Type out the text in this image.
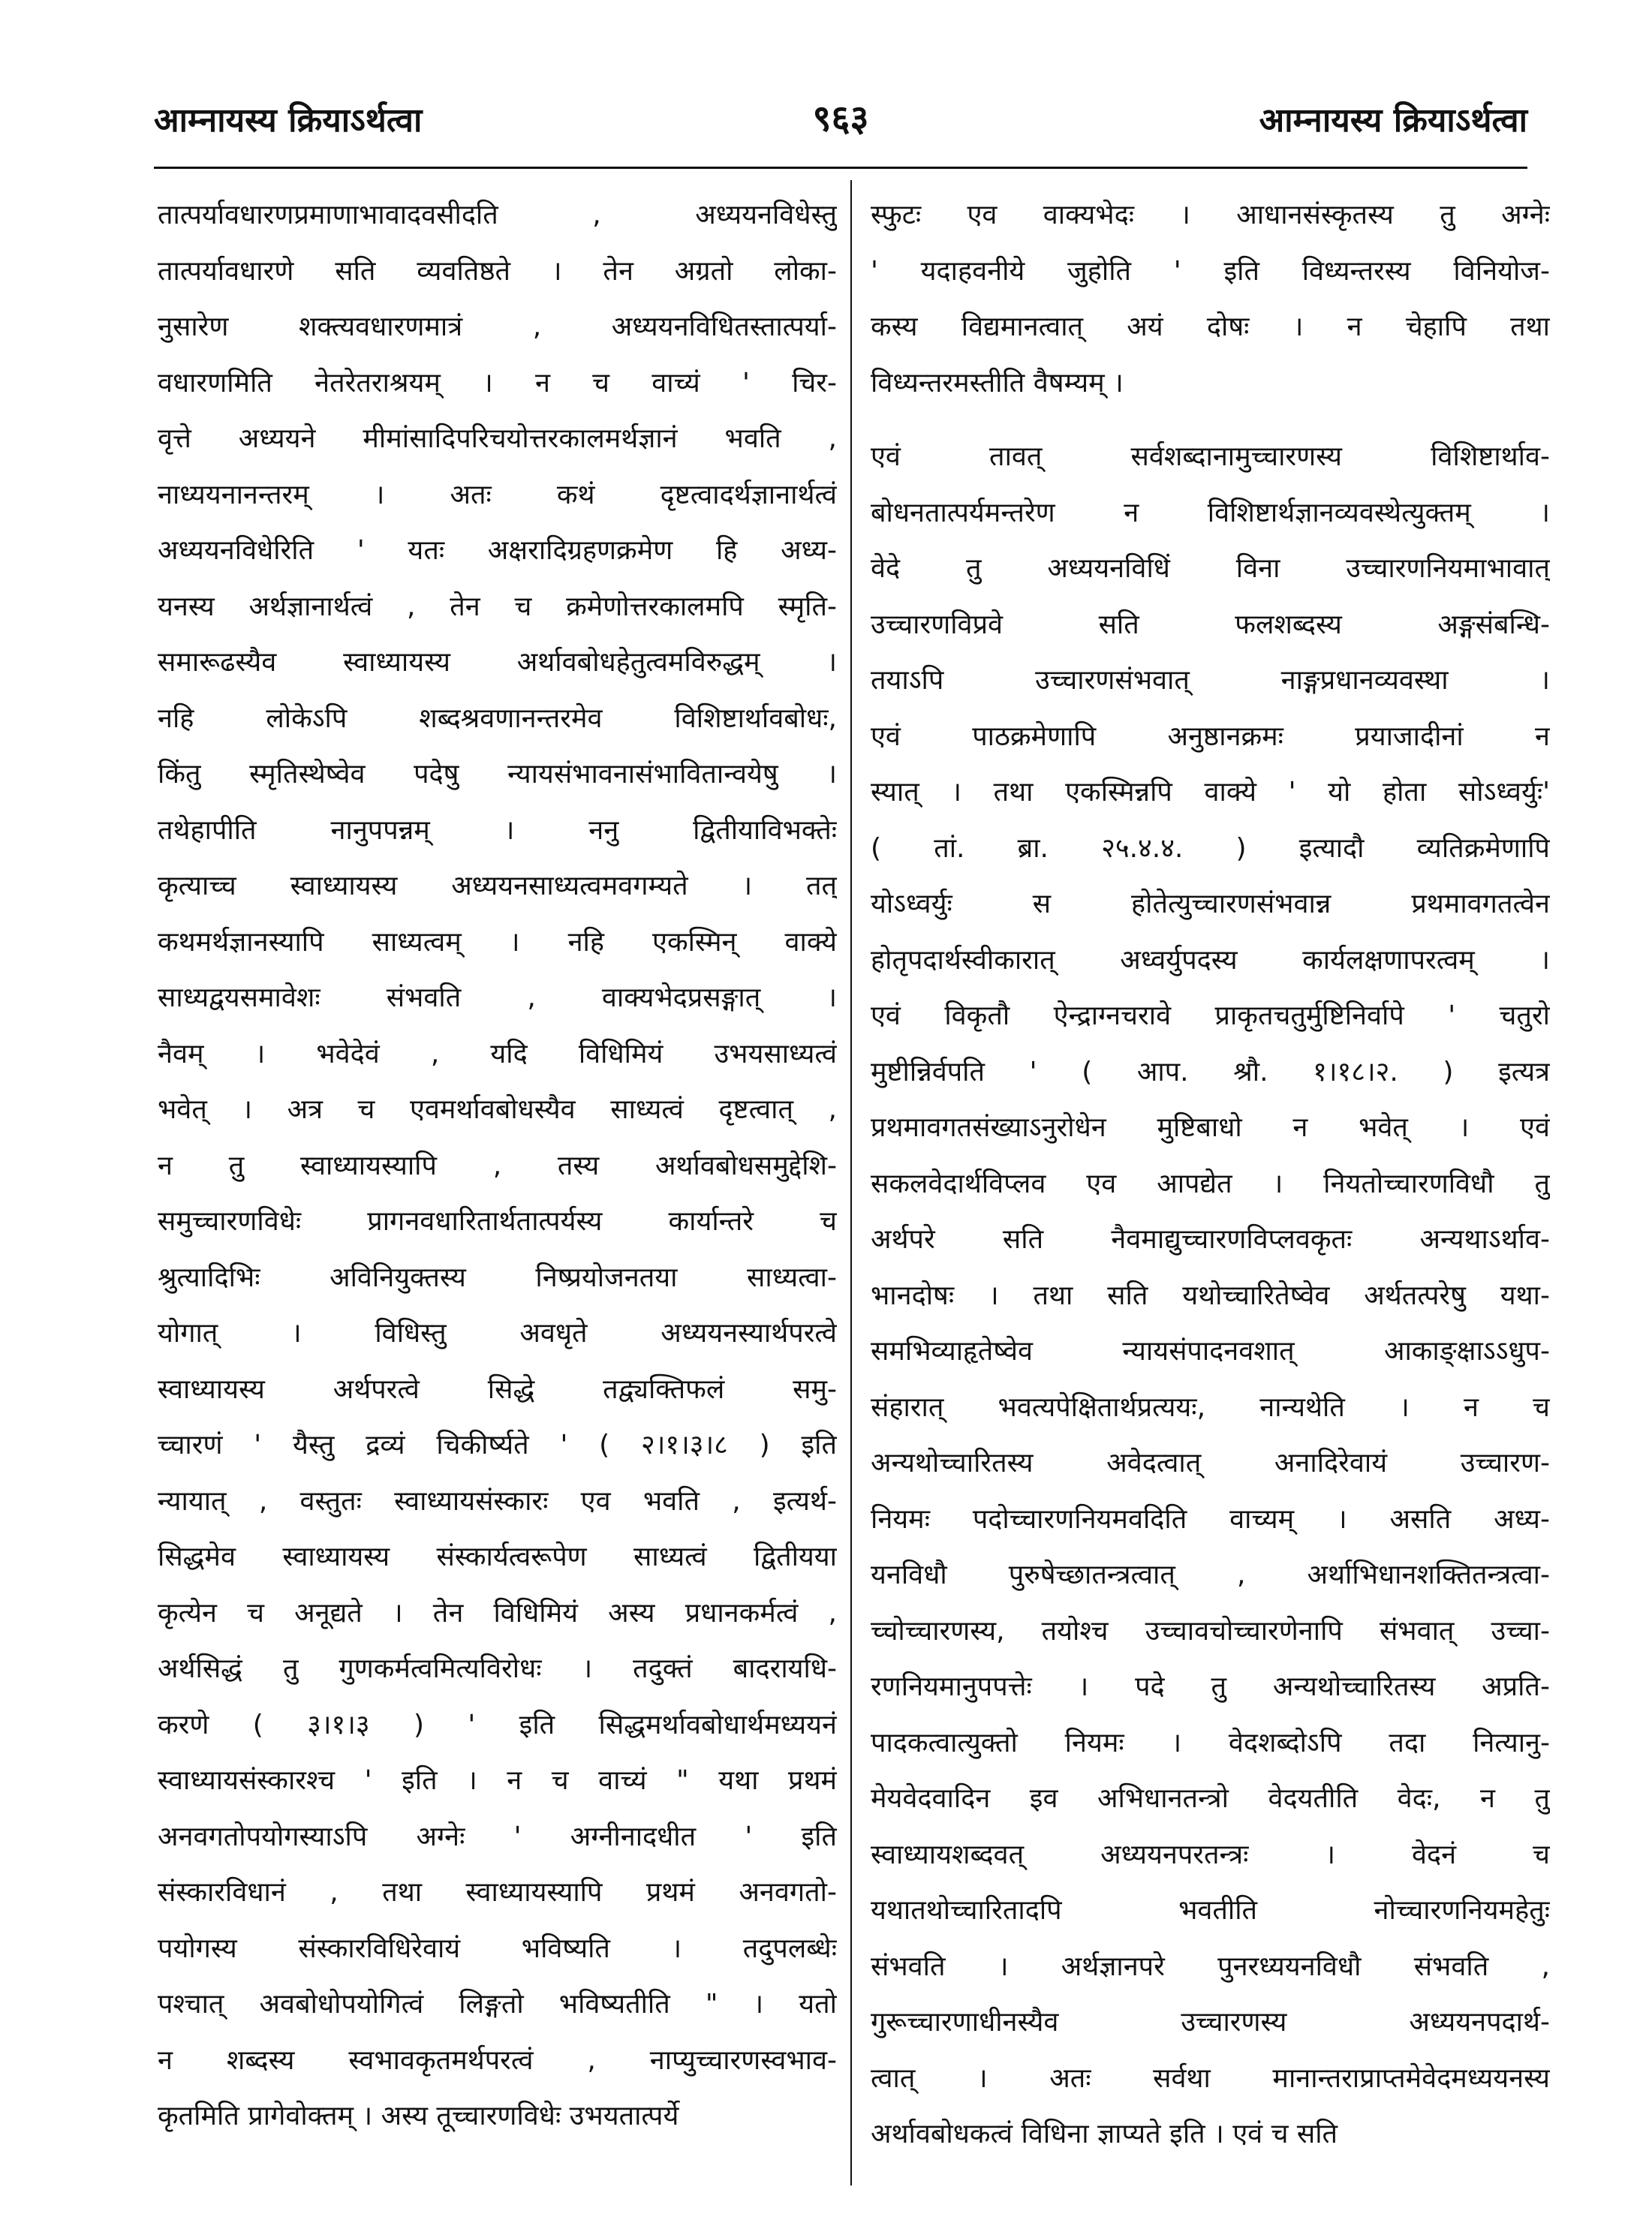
आम्नायस्य क्रियाऽर्थत्वा	९६३	आम्नायस्य क्रियाऽर्थत्वा
तात्पर्यावधारणप्रमाणाभावादवसीदति , अध्ययनविधेस्तु
तात्पर्यावधारणे सति व्यवतिष्ठते । तेन अग्रतो लोका-
नुसारेण शक्त्यवधारणमात्रं , अध्ययनविधितस्तात्पर्या-
वधारणमिति नेतरेतराश्रयम् । न च वाच्यं ' चिर-
वृत्ते अध्ययने मीमांसादिपरिचयोत्तरकालमर्थज्ञानं भवति ,
नाध्ययनानन्तरम् । अतः कथं दृष्टत्वादर्थज्ञानार्थत्वं
अध्ययनविधेरिति ' यतः अक्षरादिग्रहणक्रमेण हि अध्य-
यनस्य अर्थज्ञानार्थत्वं , तेन च क्रमेणोत्तरकालमपि स्मृति-
समारूढस्यैव स्वाध्यायस्य अर्थावबोधहेतुत्वमविरुद्धम् ।
नहि लोकेऽपि शब्दश्रवणानन्तरमेव विशिष्टार्थावबोधः,
किंतु स्मृतिस्थेष्वेव पदेषु न्यायसंभावनासंभावितान्वयेषु ।
तथेहापीति नानुपपन्नम् । ननु द्वितीयाविभक्तेः
कृत्याच्च स्वाध्यायस्य अध्ययनसाध्यत्वमवगम्यते । तत्
कथमर्थज्ञानस्यापि साध्यत्वम् । नहि एकस्मिन् वाक्ये
साध्यद्वयसमावेशः संभवति , वाक्यभेदप्रसङ्गात् ।
नैवम् । भवेदेवं , यदि विधिमियं उभयसाध्यत्वं
भवेत् । अत्र च एवमर्थावबोधस्यैव साध्यत्वं दृष्टत्वात् ,
न तु स्वाध्यायस्यापि , तस्य अर्थावबोधसमुद्देशि-
समुच्चारणविधेः प्रागनवधारितार्थतात्पर्यस्य कार्यान्तरे च
श्रुत्यादिभिः अविनियुक्तस्य निष्प्रयोजनतया साध्यत्वा-
योगात् । विधिस्तु अवधृते अध्ययनस्यार्थपरत्वे
स्वाध्यायस्य अर्थपरत्वे सिद्धे तद्व्यक्तिफलं समु-
च्चारणं ' यैस्तु द्रव्यं चिकीर्ष्यते ' ( २।१।३।८ ) इति
न्यायात् , वस्तुतः स्वाध्यायसंस्कारः एव भवति , इत्यर्थ-
सिद्धमेव स्वाध्यायस्य संस्कार्यत्वरूपेण साध्यत्वं द्वितीयया
कृत्येन च अनूद्यते । तेन विधिमियं अस्य प्रधानकर्मत्वं ,
अर्थसिद्धं तु गुणकर्मत्वमित्यविरोधः । तदुक्तं बादरायधि-
करणे ( ३।१।३ ) ' इति सिद्धमर्थावबोधार्थमध्ययनं
स्वाध्यायसंस्कारश्च ' इति । न च वाच्यं " यथा प्रथमं
अनवगतोपयोगस्याऽपि अग्नेः ' अग्नीनादधीत ' इति
संस्कारविधानं , तथा स्वाध्यायस्यापि प्रथमं अनवगतो-
पयोगस्य संस्कारविधिरेवायं भविष्यति । तदुपलब्धेः
पश्चात् अवबोधोपयोगित्वं लिङ्गतो भविष्यतीति " । यतो
न शब्दस्य स्वभावकृतमर्थपरत्वं , नाप्युच्चारणस्वभाव-
कृतमिति प्रागेवोक्तम् । अस्य तूच्चारणविधेः उभयतात्पर्ये
स्फुटः एव वाक्यभेदः । आधानसंस्कृतस्य तु अग्नेः
' यदाहवनीये जुहोति ' इति विध्यन्तरस्य विनियोज-
कस्य विद्यमानत्वात् अयं दोषः । न चेहापि तथा
विध्यन्तरमस्तीति वैषम्यम् ।
एवं तावत् सर्वशब्दानामुच्चारणस्य विशिष्टार्थाव-
बोधनतात्पर्यमन्तरेण न विशिष्टार्थज्ञानव्यवस्थेत्युक्तम् ।
वेदे तु अध्ययनविधिं विना उच्चारणनियमाभावात्
उच्चारणविप्रवे सति फलशब्दस्य अङ्गसंबन्धि-
तयाऽपि उच्चारणसंभवात् नाङ्गप्रधानव्यवस्था ।
एवं पाठक्रमेणापि अनुष्ठानक्रमः प्रयाजादीनां न
स्यात् । तथा एकस्मिन्नपि वाक्ये ' यो होता सोऽध्वर्युः'
( तां. ब्रा. २५.४.४. ) इत्यादौ व्यतिक्रमेणापि
योऽध्वर्युः स होतेत्युच्चारणसंभवान्न प्रथमावगतत्वेन
होतृपदार्थस्वीकारात् अध्वर्युपदस्य कार्यलक्षणापरत्वम् ।
एवं विकृतौ ऐन्द्राग्नचरावे प्राकृतचतुर्मुष्टिनिर्वापे ' चतुरो
मुष्टीन्निर्वपति ' ( आप. श्रौ. १।१८।२. ) इत्यत्र
प्रथमावगतसंख्याऽनुरोधेन मुष्टिबाधो न भवेत् । एवं
सकलवेदार्थविप्लव एव आपद्येत । नियतोच्चारणविधौ तु
अर्थपरे सति नैवमाद्युच्चारणविप्लवकृतः अन्यथाऽर्थाव-
भानदोषः । तथा सति यथोच्चारितेष्वेव अर्थतत्परेषु यथा-
समभिव्याहृतेष्वेव न्यायसंपादनवशात् आकाङ्क्षाऽऽधुप-
संहारात् भवत्यपेक्षितार्थप्रत्ययः, नान्यथेति । न च
अन्यथोच्चारितस्य अवेदत्वात् अनादिरेवायं उच्चारण-
नियमः पदोच्चारणनियमवदिति वाच्यम् । असति अध्य-
यनविधौ पुरुषेच्छातन्त्रत्वात् , अर्थाभिधानशक्तितन्त्रत्वा-
च्चोच्चारणस्य, तयोश्च उच्चावचोच्चारणेनापि संभवात् उच्चा-
रणनियमानुपपत्तेः । पदे तु अन्यथोच्चारितस्य अप्रति-
पादकत्वात्युक्तो नियमः । वेदशब्दोऽपि तदा नित्यानु-
मेयवेदवादिन इव अभिधानतन्त्रो वेदयतीति वेदः, न तु
स्वाध्यायशब्दवत् अध्ययनपरतन्त्रः । वेदनं च
यथातथोच्चारितादपि भवतीति नोच्चारणनियमहेतुः
संभवति । अर्थज्ञानपरे पुनरध्ययनविधौ संभवति ,
गुरूच्चारणाधीनस्यैव उच्चारणस्य अध्ययनपदार्थ-
त्वात् । अतः सर्वथा मानान्तराप्राप्तमेवेदमध्ययनस्य
अर्थावबोधकत्वं विधिना ज्ञाप्यते इति । एवं च सति
